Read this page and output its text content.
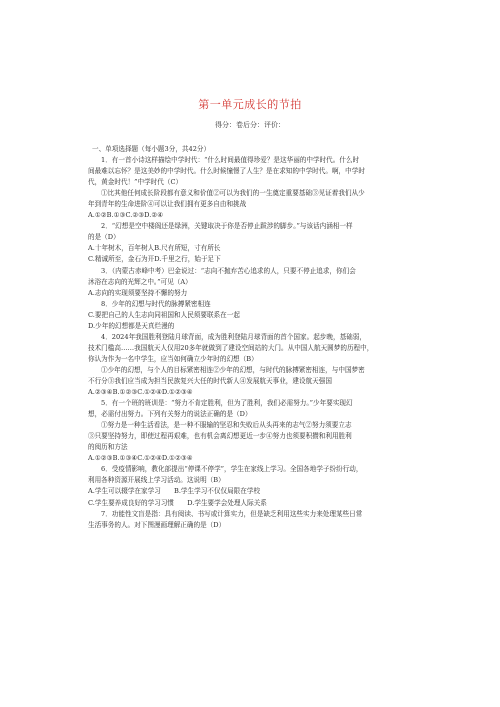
第一单元成长的节拍
得分：卷后分：评价：
一、单项选择题（每小题3分，共42分）
1．有一首小诗这样描绘中学时代：“什么时间最值得珍爱？是这华丽的中学时代。什么时
间最难以忘怀？是这美妙的中学时代。什么时候憧憬了人生？是在求知的中学时代。啊，中学时
代，黄金时代！”中学时代（C）
①比其他任何成长阶段都有意义和价值②可以为我们的一生奠定重要基础③见证着我们从少
年到青年的生命进阶④可以让我们拥有更多自由和挑战
A.①②B.①③C.②③D.②④
2．“幻想是空中楼阁还是绿洲，关键取决于你是否停止跋涉的脚步。”与该话内涵相一样
的是（D）
A.十年树木，百年树人B.尺有所短，寸有所长
C.精诚所至，金石为开D.千里之行，始于足下
3．（内蒙古赤峰中考）巴金说过：“志向不抛弃苦心追求的人，只要不停止追求，你们会
沐浴在志向的光辉之中。”可见（A）
A.志向的实现须要坚持不懈的努力
8．少年的幻想与时代的脉搏紧密相连
C.要把自己的人生志向同祖国和人民须要联系在一起
D.少年的幻想都是天真烂漫的
4．2024年我国胜利登陆月球背面，成为胜利登陆月球背面的首个国家。起步晚，基础弱，
技术门槛高……我国航天人仅用20多年就做到了建设空间站的大门。从中国人航天圆梦的历程中，
你认为作为一名中学生，应当如何确立少年时的幻想（B）
①少年的幻想，与个人的目标紧密相连②少年的幻想，与时代的脉搏紧密相连，与中国梦密
不行分③我们应当成为担当民族复兴大任的时代新人④发展航天事业，建设航天强国
A.②③④B.①②③C.①②④D.①②③④
5．有一个班的班训是：“努力不肯定胜利，但为了胜利，我们必需努力。”少年要实现幻
想，必需付出努力。下列有关努力的说法正确的是（D）
①努力是一种生活看法，是一种不服输的坚忍和失败后从头再来的志气②努力须要立志
③只要坚持努力，即使过程再艰难，也有机会离幻想更近一步④努力也须要积攒和利用胜利
的阅历和方法
A.①②③B.①③④C.①②④D.①②③④
6．受疫情影响，教化部提出“停课不停学”，学生在家线上学习。全国各地学子纷纷行动，
利用各种资源开展线上学习活动。这说明（B）
A.学生可以辍学在家学习　　B.学生学习不仅仅局限在学校
C.学生要养成良好的学习习惯　　D.学生要学会处理人际关系
7．功能性文盲是指：具有阅读、书写或计算实力，但是缺乏利用这些实力来处理某些日常
生活事务的人。对下图漫画理解正确的是（D）
